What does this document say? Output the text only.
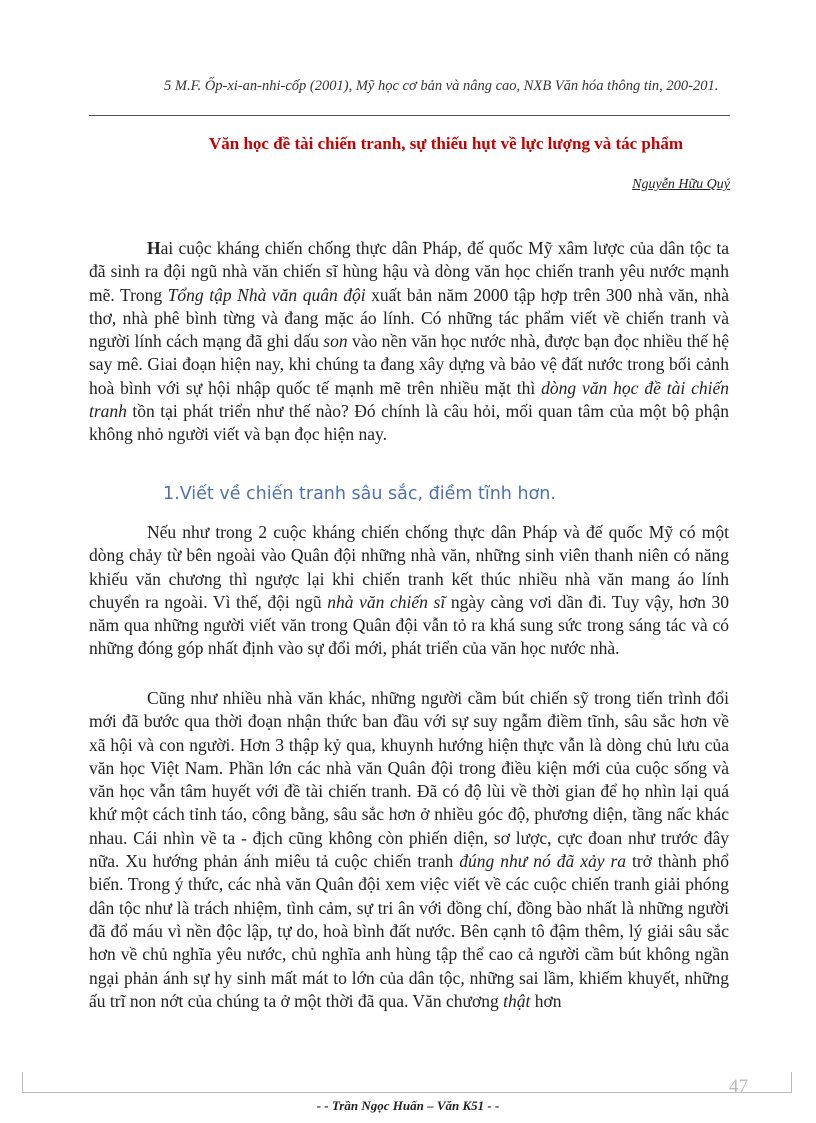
5 M.F. Ốp-xi-an-nhi-cốp (2001), Mỹ học cơ bản và nâng cao, NXB Văn hóa thông tin, 200-201.
Văn học đề tài chiến tranh, sự thiếu hụt về lực lượng và tác phẩm
Nguyễn Hữu Quý

Hai cuộc kháng chiến chống thực dân Pháp, đế quốc Mỹ xâm lược của dân tộc ta đã sinh ra đội ngũ nhà văn chiến sĩ hùng hậu và dòng văn học chiến tranh yêu nước mạnh mẽ. Trong Tổng tập Nhà văn quân đội xuất bản năm 2000 tập hợp trên 300 nhà văn, nhà thơ, nhà phê bình từng và đang mặc áo lính. Có những tác phẩm viết về chiến tranh và người lính cách mạng đã ghi dấu son vào nền văn học nước nhà, được bạn đọc nhiều thế hệ say mê. Giai đoạn hiện nay, khi chúng ta đang xây dựng và bảo vệ đất nước trong bối cảnh hoà bình với sự hội nhập quốc tế mạnh mẽ trên nhiều mặt thì dòng văn học đề tài chiến tranh tồn tại phát triển như thế nào? Đó chính là câu hỏi, mối quan tâm của một bộ phận không nhỏ người viết và bạn đọc hiện nay.

1.Viết về chiến tranh sâu sắc, điềm tĩnh hơn.

Nếu như trong 2 cuộc kháng chiến chống thực dân Pháp và đế quốc Mỹ có một dòng chảy từ bên ngoài vào Quân đội những nhà văn, những sinh viên thanh niên có năng khiếu văn chương thì ngược lại khi chiến tranh kết thúc nhiều nhà văn mang áo lính chuyển ra ngoài. Vì thế, đội ngũ nhà văn chiến sĩ ngày càng vơi dần đi. Tuy vậy, hơn 30 năm qua những người viết văn trong Quân đội vẫn tỏ ra khá sung sức trong sáng tác và có những đóng góp nhất định vào sự đổi mới, phát triển của văn học nước nhà.

Cũng như nhiều nhà văn khác, những người cầm bút chiến sỹ trong tiến trình đổi mới đã bước qua thời đoạn nhận thức ban đầu với sự suy ngẫm điềm tĩnh, sâu sắc hơn về xã hội và con người. Hơn 3 thập kỷ qua, khuynh hướng hiện thực vẫn là dòng chủ lưu của văn học Việt Nam. Phần lớn các nhà văn Quân đội trong điều kiện mới của cuộc sống và văn học vẫn tâm huyết với đề tài chiến tranh. Đã có độ lùi về thời gian để họ nhìn lại quá khứ một cách tỉnh táo, công bằng, sâu sắc hơn ở nhiều góc độ, phương diện, tầng nấc khác nhau. Cái nhìn về ta - địch cũng không còn phiến diện, sơ lược, cực đoan như trước đây nữa. Xu hướng phản ánh miêu tả cuộc chiến tranh đúng như nó đã xảy ra trở thành phổ biến. Trong ý thức, các nhà văn Quân đội xem việc viết về các cuộc chiến tranh giải phóng dân tộc như là trách nhiệm, tình cảm, sự tri ân với đồng chí, đồng bào nhất là những người đã đổ máu vì nền độc lập, tự do, hoà bình đất nước. Bên cạnh tô đậm thêm, lý giải sâu sắc hơn về chủ nghĩa yêu nước, chủ nghĩa anh hùng tập thể cao cả người cầm bút không ngần ngại phản ánh sự hy sinh mất mát to lớn của dân tộc, những sai lầm, khiếm khuyết, những ấu trĩ non nớt của chúng ta ở một thời đã qua. Văn chương thật hơn

47
- - Trần Ngọc Huấn – Văn K51 - -
